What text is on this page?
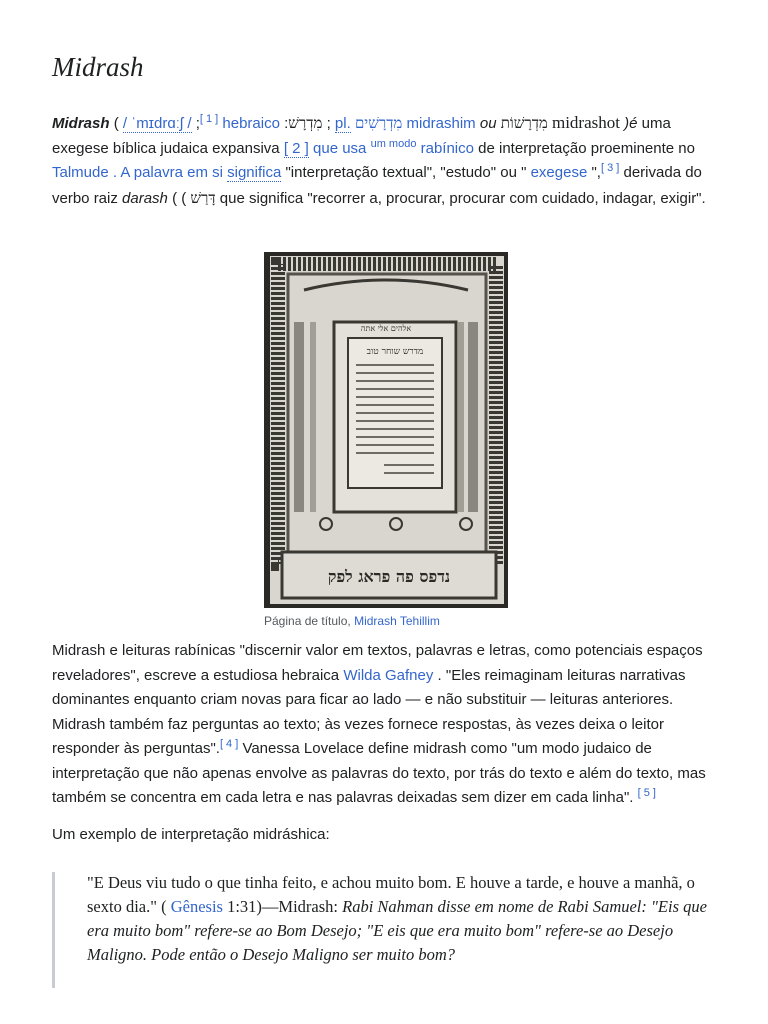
Midrash

Midrash ( / ˈmɪdrɑːʃ / ;[ 1 ] hebraico :מִדְרָשׁ ; pl. מִדְרָשִׁים midrashim ou מִדְרָשׁוֹת midrashot )é uma exegese bíblica judaica expansiva [ 2 ] que usa $^{um modo}$ rabínico de interpretação proeminente no Talmude . A palavra em si significa "interpretação textual", "estudo" ou " exegese ",[ 3 ] derivada do verbo raiz darash ( ( דָּרַשׁ que significa "recorrer a, procurar, procurar com cuidado, indagar, exigir".

אלהים אלי אתה
מדרש שוחר טוב
נדפס פה פראג לפק

Página de título, Midrash Tehillim

Midrash e leituras rabínicas "discernir valor em textos, palavras e letras, como potenciais espaços reveladores", escreve a estudiosa hebraica Wilda Gafney . "Eles reimaginam leituras narrativas dominantes enquanto criam novas para ficar ao lado — e não substituir — leituras anteriores. Midrash também faz perguntas ao texto; às vezes fornece respostas, às vezes deixa o leitor responder às perguntas".[ 4 ] Vanessa Lovelace define midrash como "um modo judaico de interpretação que não apenas envolve as palavras do texto, por trás do texto e além do texto, mas também se concentra em cada letra e nas palavras deixadas sem dizer em cada linha". [ 5 ]

Um exemplo de interpretação midráshica:

"E Deus viu tudo o que tinha feito, e achou muito bom. E houve a tarde, e houve a manhã, o sexto dia." ( Gênesis 1:31)—Midrash: Rabi Nahman disse em nome de Rabi Samuel: "Eis que era muito bom" refere-se ao Bom Desejo; "E eis que era muito bom" refere-se ao Desejo Maligno. Pode então o Desejo Maligno ser muito bom?
